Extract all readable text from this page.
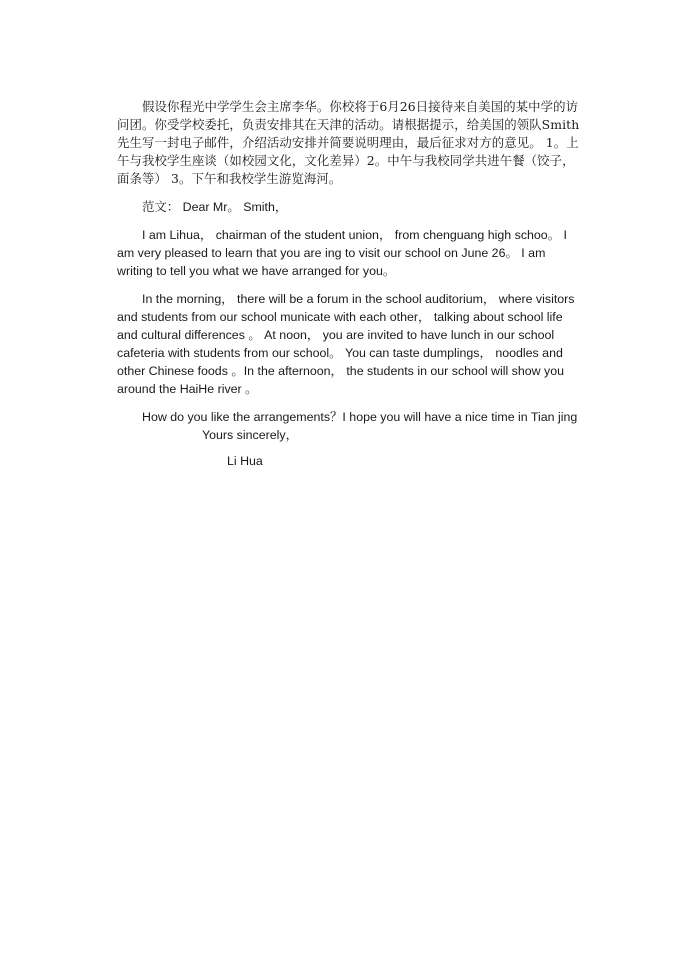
假设你程光中学学生会主席李华。你校将于6月26日接待来自美国的某中学的访问团。你受学校委托，负责安排其在天津的活动。请根据提示，给美国的领队Smith先生写一封电子邮件，介绍活动安排并简要说明理由，最后征求对方的意见。 1。上午与我校学生座谈（如校园文化，文化差异）2。中午与我校同学共进午餐（饺子，面条等） 3。下午和我校学生游览海河。

范文： Dear Mr。 Smith，

I am Lihua， chairman of the student union， from chenguang high schoo。 I am very pleased to learn that you are ing to visit our school on June 26。 I am writing to tell you what we have arranged for you。

In the morning， there will be a forum in the school auditorium， where visitors and students from our school municate with each other， talking about school life and cultural differences 。 At noon， you are invited to have lunch in our school cafeteria with students from our school。 You can taste dumplings， noodles and other Chinese foods 。In the afternoon， the students in our school will show you around the HaiHe river 。

How do you like the arrangements？I hope you will have a nice time in Tian jing

Yours sincerely，

Li Hua
